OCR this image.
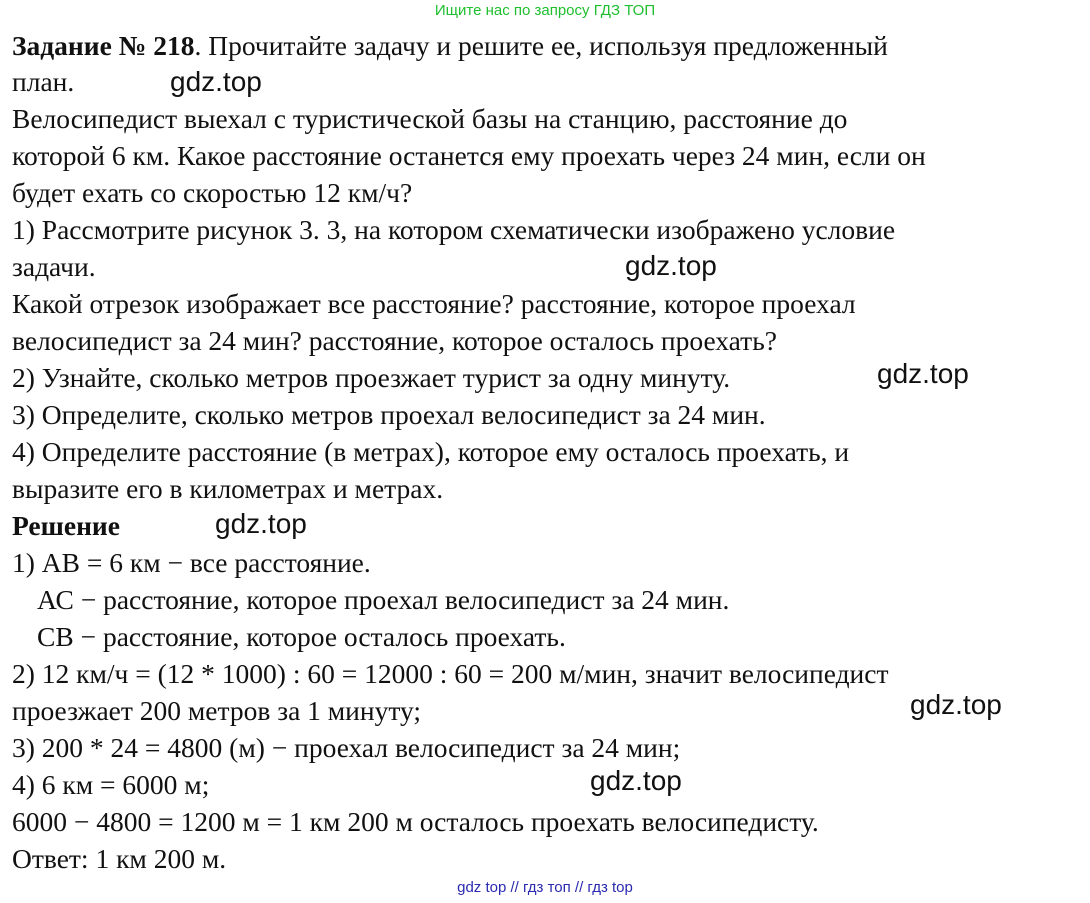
Ищите нас по запросу ГДЗ ТОП
Задание № 218. Прочитайте задачу и решите ее, используя предложенный
план.
Велосипедист выехал с туристической базы на станцию, расстояние до
которой 6 км. Какое расстояние останется ему проехать через 24 мин, если он
будет ехать со скоростью 12 км/ч?
1) Рассмотрите рисунок 3. 3, на котором схематически изображено условие
задачи.
Какой отрезок изображает все расстояние? расстояние, которое проехал
велосипедист за 24 мин? расстояние, которое осталось проехать?
2) Узнайте, сколько метров проезжает турист за одну минуту.
3) Определите, сколько метров проехал велосипедист за 24 мин.
4) Определите расстояние (в метрах), которое ему осталось проехать, и
выразите его в километрах и метрах.
Решение
1) АВ = 6 км − все расстояние.
АС − расстояние, которое проехал велосипедист за 24 мин.
СВ − расстояние, которое осталось проехать.
2) 12 км/ч = (12 * 1000) : 60 = 12000 : 60 = 200 м/мин, значит велосипедист
проезжает 200 метров за 1 минуту;
3) 200 * 24 = 4800 (м) − проехал велосипедист за 24 мин;
4) 6 км = 6000 м;
6000 − 4800 = 1200 м = 1 км 200 м осталось проехать велосипедисту.
Ответ: 1 км 200 м.
gdz.top
gdz.top
gdz.top
gdz.top
gdz.top
gdz.top
gdz top // гдз топ // гдз top
